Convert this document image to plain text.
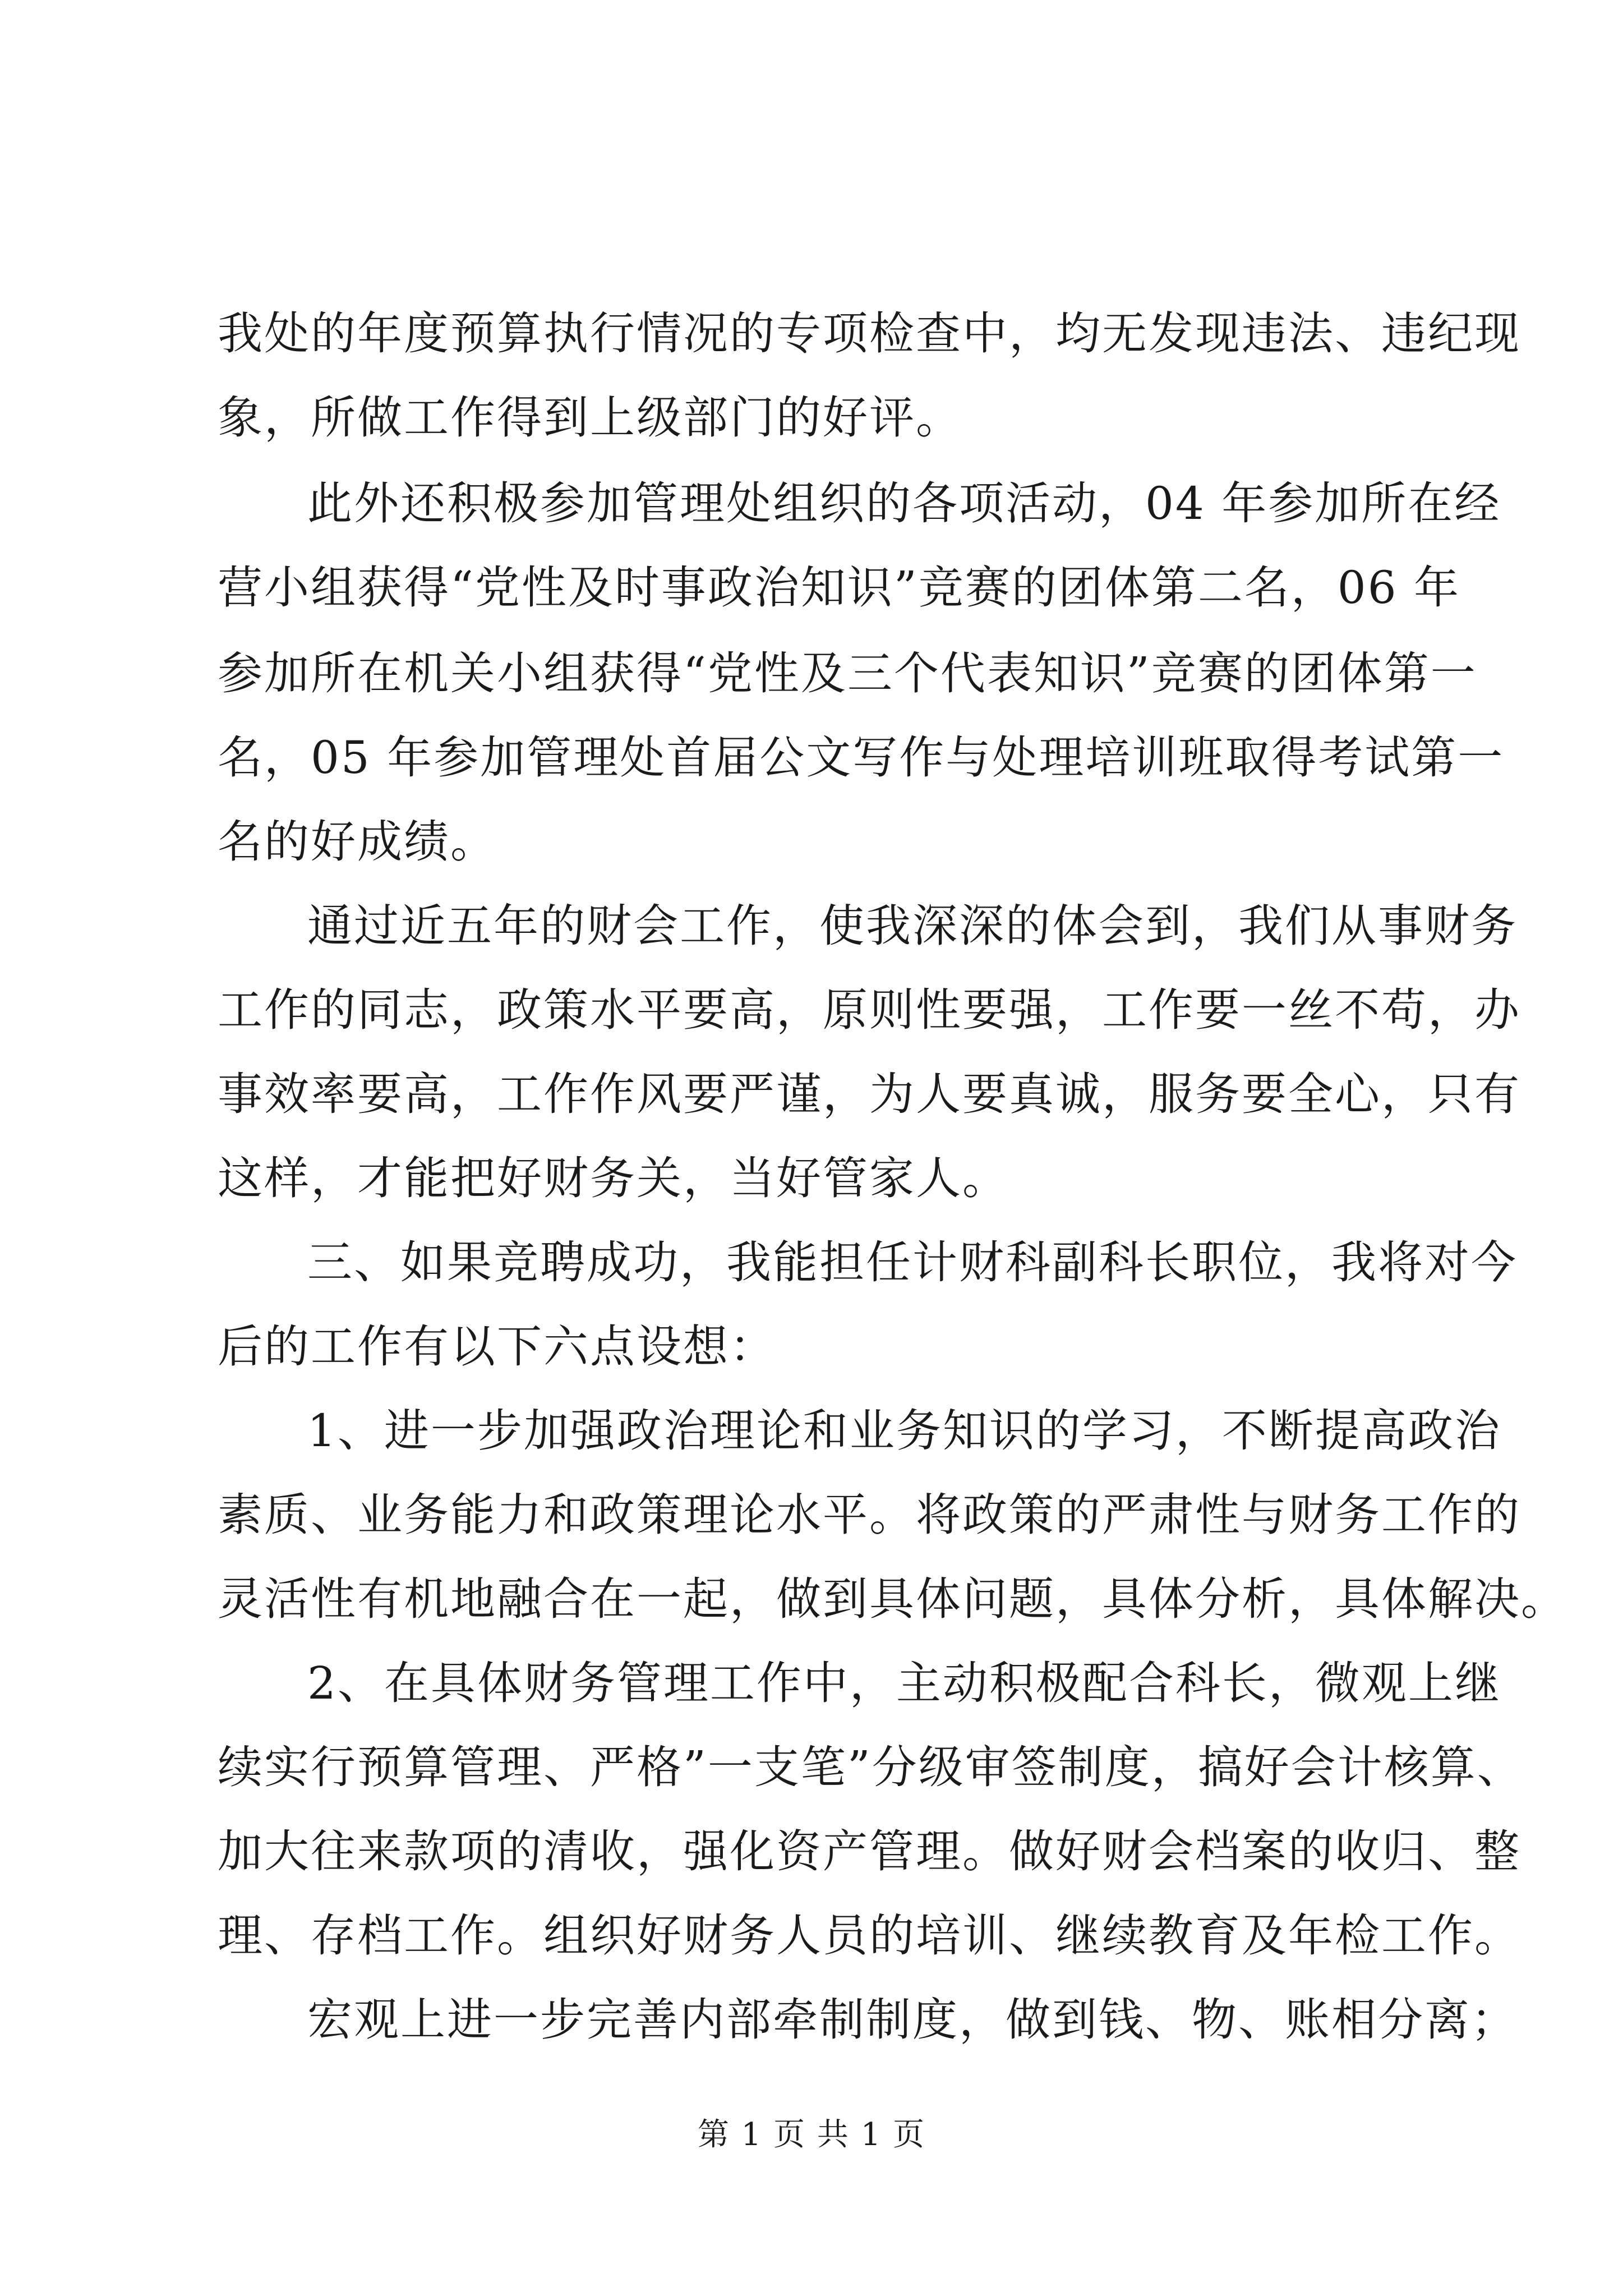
我处的年度预算执行情况的专项检查中，均无发现违法、违纪现
象，所做工作得到上级部门的好评。
此外还积极参加管理处组织的各项活动，04 年参加所在经
营小组获得“党性及时事政治知识”竞赛的团体第二名，06 年
参加所在机关小组获得“党性及三个代表知识”竞赛的团体第一
名，05 年参加管理处首届公文写作与处理培训班取得考试第一
名的好成绩。
通过近五年的财会工作，使我深深的体会到，我们从事财务
工作的同志，政策水平要高，原则性要强，工作要一丝不苟，办
事效率要高，工作作风要严谨，为人要真诚，服务要全心，只有
这样，才能把好财务关，当好管家人。
三、如果竞聘成功，我能担任计财科副科长职位，我将对今
后的工作有以下六点设想：
1、进一步加强政治理论和业务知识的学习，不断提高政治
素质、业务能力和政策理论水平。将政策的严肃性与财务工作的
灵活性有机地融合在一起，做到具体问题，具体分析，具体解决。
2、在具体财务管理工作中，主动积极配合科长，微观上继
续实行预算管理、严格”一支笔”分级审签制度，搞好会计核算、
加大往来款项的清收，强化资产管理。做好财会档案的收归、整
理、存档工作。组织好财务人员的培训、继续教育及年检工作。
宏观上进一步完善内部牵制制度，做到钱、物、账相分离；
第 1 页 共 1 页
